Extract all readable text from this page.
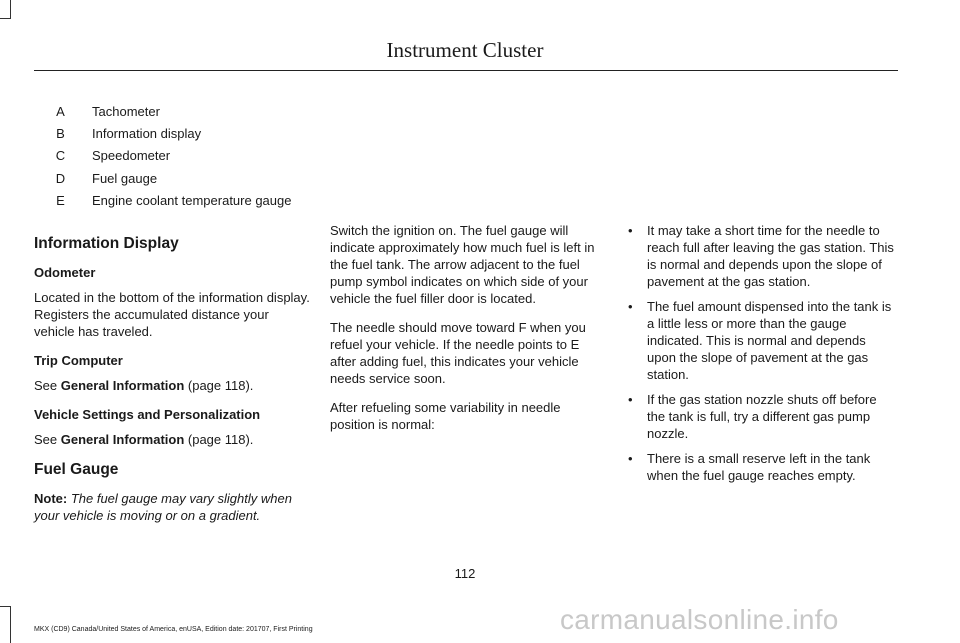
Instrument Cluster
A Tachometer
B Information display
C Speedometer
D Fuel gauge
E Engine coolant temperature gauge
Information Display
Odometer

Located in the bottom of the information display. Registers the accumulated distance your vehicle has traveled.

Trip Computer

See General Information (page 118).

Vehicle Settings and Personalization

See General Information (page 118).

Fuel Gauge

Note: The fuel gauge may vary slightly when your vehicle is moving or on a gradient.

Switch the ignition on. The fuel gauge will indicate approximately how much fuel is left in the fuel tank. The arrow adjacent to the fuel pump symbol indicates on which side of your vehicle the fuel filler door is located.

The needle should move toward F when you refuel your vehicle. If the needle points to E after adding fuel, this indicates your vehicle needs service soon.

After refueling some variability in needle position is normal:

• It may take a short time for the needle to reach full after leaving the gas station. This is normal and depends upon the slope of pavement at the gas station.
• The fuel amount dispensed into the tank is a little less or more than the gauge indicated. This is normal and depends upon the slope of pavement at the gas station.
• If the gas station nozzle shuts off before the tank is full, try a different gas pump nozzle.
• There is a small reserve left in the tank when the fuel gauge reaches empty.
112
MKX (CD9) Canada/United States of America, enUSA, Edition date: 201707, First Printing	carmanualsonline.info
